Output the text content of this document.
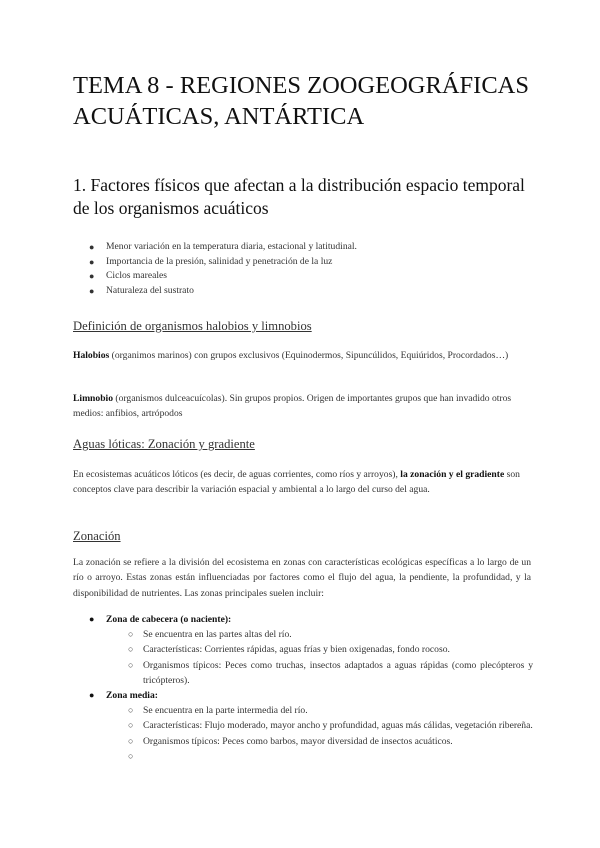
TEMA 8 - REGIONES ZOOGEOGRÁFICAS ACUÁTICAS, ANTÁRTICA
1. Factores físicos que afectan a la distribución espacio temporal de los organismos acuáticos
● Menor variación en la temperatura diaria, estacional y latitudinal.
● Importancia de la presión, salinidad y penetración de la luz
● Ciclos mareales
● Naturaleza del sustrato
Definición de organismos halobios y limnobios

Halobios (organimos marinos) con grupos exclusivos (Equinodermos, Sipuncúlidos, Equiúridos, Procordados…)

Limnobio (organismos dulceacuícolas). Sin grupos propios. Origen de importantes grupos que han invadido otros medios: anfibios, artrópodos

Aguas lóticas: Zonación y gradiente

En ecosistemas acuáticos lóticos (es decir, de aguas corrientes, como ríos y arroyos), la zonación y el gradiente son conceptos clave para describir la variación espacial y ambiental a lo largo del curso del agua.

Zonación

La zonación se refiere a la división del ecosistema en zonas con características ecológicas específicas a lo largo de un río o arroyo. Estas zonas están influenciadas por factores como el flujo del agua, la pendiente, la profundidad, y la disponibilidad de nutrientes. Las zonas principales suelen incluir:

● Zona de cabecera (o naciente):
○ Se encuentra en las partes altas del río.
○ Características: Corrientes rápidas, aguas frías y bien oxigenadas, fondo rocoso.
○ Organismos típicos: Peces como truchas, insectos adaptados a aguas rápidas (como plecópteros y tricópteros).
● Zona media:
○ Se encuentra en la parte intermedia del río.
○ Características: Flujo moderado, mayor ancho y profundidad, aguas más cálidas, vegetación ribereña.
○ Organismos típicos: Peces como barbos, mayor diversidad de insectos acuáticos.
○
